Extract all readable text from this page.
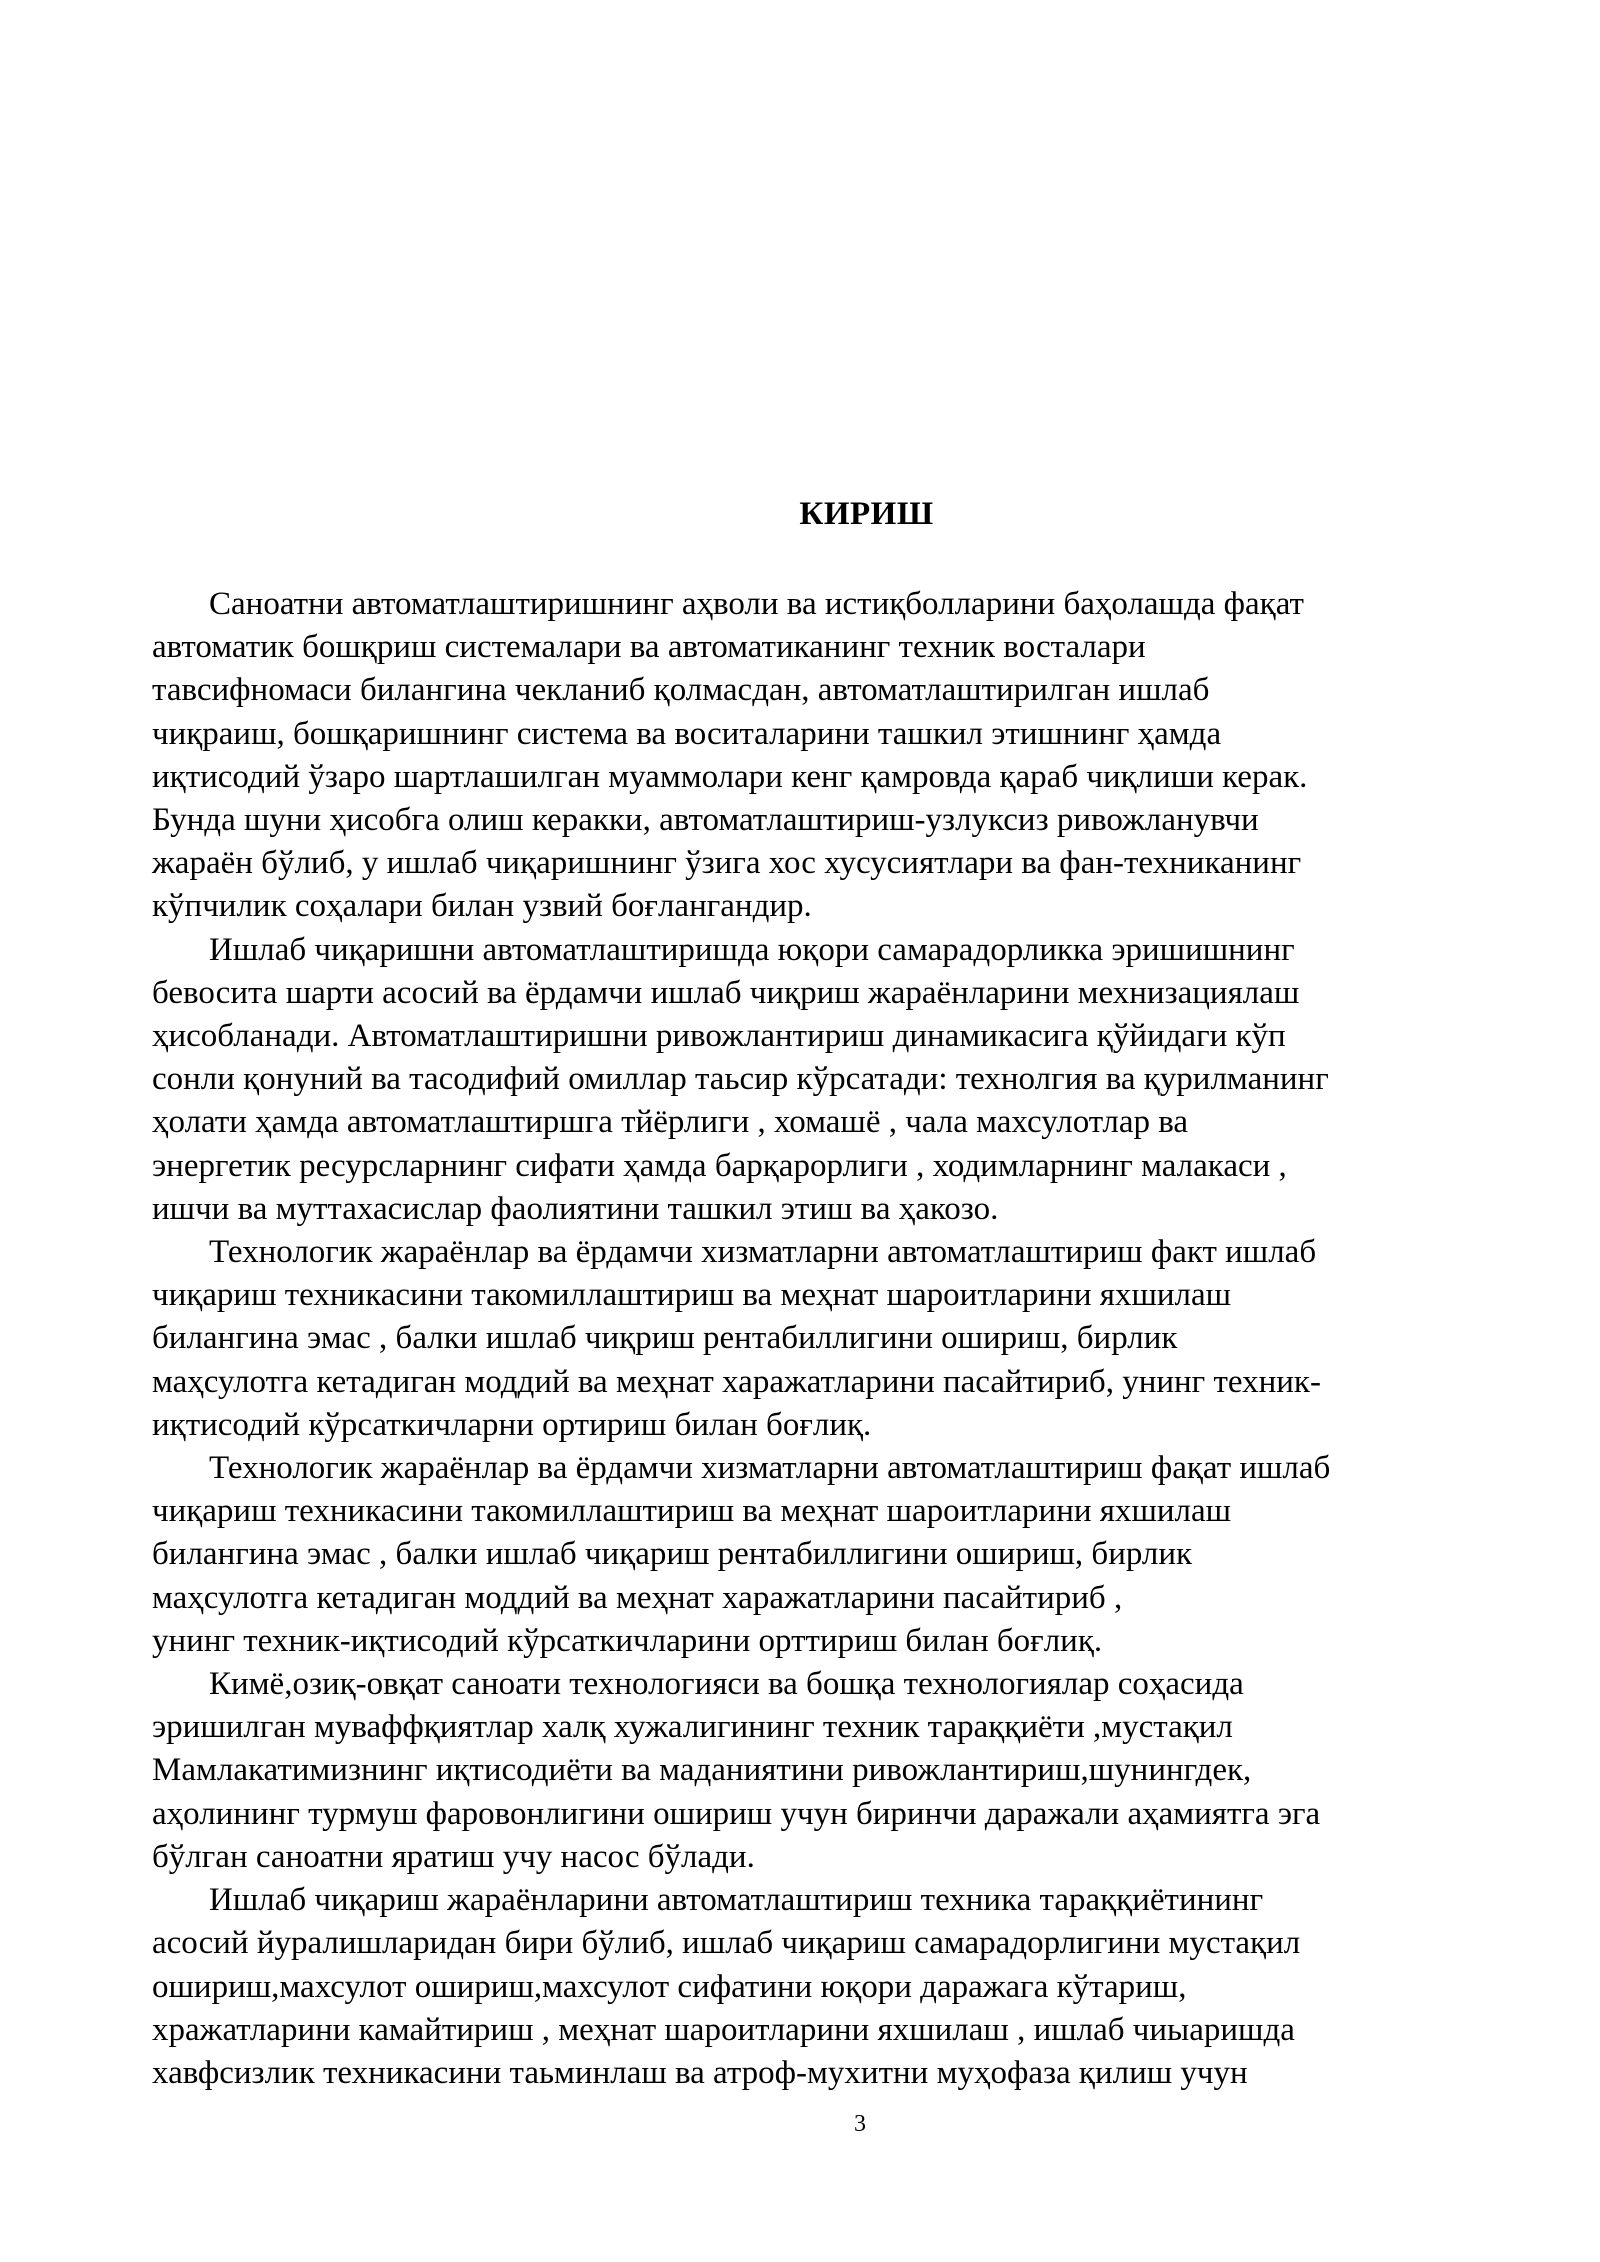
КИРИШ

Саноатни автоматлаштиришнинг аҳволи ва истиқболларини баҳолашда фақат
автоматик бошқриш системалари ва автоматиканинг техник восталари
тавсифномаси билангина чекланиб қолмасдан, автоматлаштирилган ишлаб
чиқраиш, бошқаришнинг система ва воситаларини ташкил этишнинг ҳамда
иқтисодий ўзаро шартлашилган муаммолари кенг қамровда қараб чиқлиши керак.
Бунда шуни ҳисобга олиш керакки, автоматлаштириш-узлуксиз ривожланувчи
жараён бўлиб, у ишлаб чиқаришнинг ўзига хос хусусиятлари ва фан-техниканинг
кўпчилик соҳалари билан узвий боғлангандир.

Ишлаб чиқаришни автоматлаштиришда юқори самарадорликка эришишнинг
бевосита шарти асосий ва ёрдамчи ишлаб чиқриш жараёнларини мехнизациялаш
ҳисобланади. Автоматлаштиришни ривожлантириш динамикасига қўйидаги кўп
сонли қонуний ва тасодифий омиллар таьсир кўрсатади: технолгия ва қурилманинг
ҳолати ҳамда автоматлаштиршга тйёрлиги , хомашё , чала махсулотлар ва
энергетик ресурсларнинг сифати ҳамда барқарорлиги , ходимларнинг малакаси ,
ишчи ва муттахасислар фаолиятини ташкил этиш ва ҳакозо.

Технологик жараёнлар ва ёрдамчи хизматларни автоматлаштириш факт ишлаб
чиқариш техникасини такомиллаштириш ва меҳнат шароитларини яхшилаш
билангина эмас , балки ишлаб чиқриш рентабиллигини ошириш, бирлик
маҳсулотга кетадиган моддий ва меҳнат харажатларини пасайтириб, унинг техник-
иқтисодий кўрсаткичларни ортириш билан боғлиқ.

Технологик жараёнлар ва ёрдамчи хизматларни автоматлаштириш фақат ишлаб
чиқариш техникасини такомиллаштириш ва меҳнат шароитларини яхшилаш
билангина эмас , балки ишлаб чиқариш рентабиллигини ошириш, бирлик
маҳсулотга кетадиган моддий ва меҳнат харажатларини пасайтириб ,
унинг техник-иқтисодий кўрсаткичларини орттириш билан боғлиқ.

Кимё,озиқ-овқат саноати технологияси ва бошқа технологиялар соҳасида
эришилган муваффқиятлар халқ хужалигининг техник тараққиёти ,мустақил
Мамлакатимизнинг иқтисодиёти ва маданиятини ривожлантириш,шунингдек,
аҳолининг турмуш фаровонлигини ошириш учун биринчи даражали аҳамиятга эга
бўлган саноатни яратиш учу насос бўлади.

Ишлаб чиқариш жараёнларини автоматлаштириш техника тараққиётининг
асосий йуралишларидан бири бўлиб, ишлаб чиқариш самарадорлигини мустақил
ошириш,махсулот ошириш,махсулот сифатини юқори даражага кўтариш,
хражатларини камайтириш , меҳнат шароитларини яхшилаш , ишлаб чиыаришда
хавфсизлик техникасини таьминлаш ва атроф-мухитни муҳофаза қилиш учун

3
